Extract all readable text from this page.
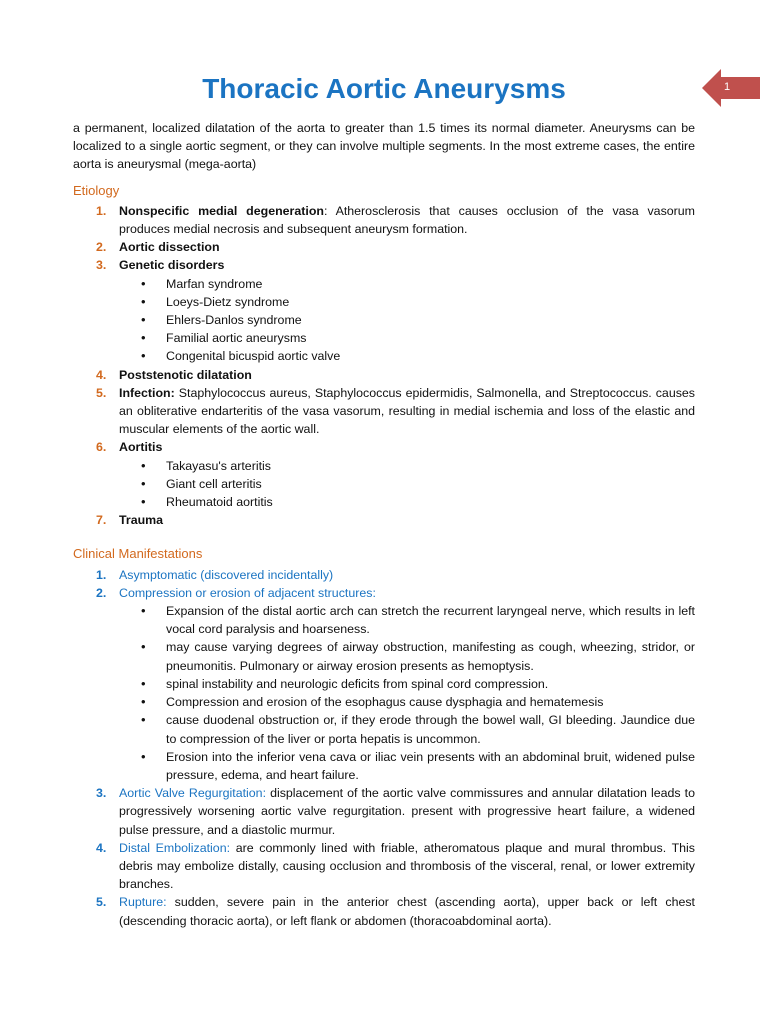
Thoracic Aortic Aneurysms	1

a permanent, localized dilatation of the aorta to greater than 1.5 times its normal diameter. Aneurysms can be localized to a single aortic segment, or they can involve multiple segments. In the most extreme cases, the entire aorta is aneurysmal (mega-aorta)

Etiology
1. Nonspecific medial degeneration: Atherosclerosis that causes occlusion of the vasa vasorum produces medial necrosis and subsequent aneurysm formation.
2. Aortic dissection
3. Genetic disorders
• Marfan syndrome
• Loeys-Dietz syndrome
• Ehlers-Danlos syndrome
• Familial aortic aneurysms
• Congenital bicuspid aortic valve
4. Poststenotic dilatation
5. Infection: Staphylococcus aureus, Staphylococcus epidermidis, Salmonella, and Streptococcus. causes an obliterative endarteritis of the vasa vasorum, resulting in medial ischemia and loss of the elastic and muscular elements of the aortic wall.
6. Aortitis
• Takayasu's arteritis
• Giant cell arteritis
• Rheumatoid aortitis
7. Trauma
Clinical Manifestations
1. Asymptomatic (discovered incidentally)
2. Compression or erosion of adjacent structures:
• Expansion of the distal aortic arch can stretch the recurrent laryngeal nerve, which results in left vocal cord paralysis and hoarseness.
• may cause varying degrees of airway obstruction, manifesting as cough, wheezing, stridor, or pneumonitis. Pulmonary or airway erosion presents as hemoptysis.
• spinal instability and neurologic deficits from spinal cord compression.
• Compression and erosion of the esophagus cause dysphagia and hematemesis
• cause duodenal obstruction or, if they erode through the bowel wall, GI bleeding. Jaundice due to compression of the liver or porta hepatis is uncommon.
• Erosion into the inferior vena cava or iliac vein presents with an abdominal bruit, widened pulse pressure, edema, and heart failure.
3. Aortic Valve Regurgitation: displacement of the aortic valve commissures and annular dilatation leads to progressively worsening aortic valve regurgitation. present with progressive heart failure, a widened pulse pressure, and a diastolic murmur.
4. Distal Embolization: are commonly lined with friable, atheromatous plaque and mural thrombus. This debris may embolize distally, causing occlusion and thrombosis of the visceral, renal, or lower extremity branches.
5. Rupture: sudden, severe pain in the anterior chest (ascending aorta), upper back or left chest (descending thoracic aorta), or left flank or abdomen (thoracoabdominal aorta).
